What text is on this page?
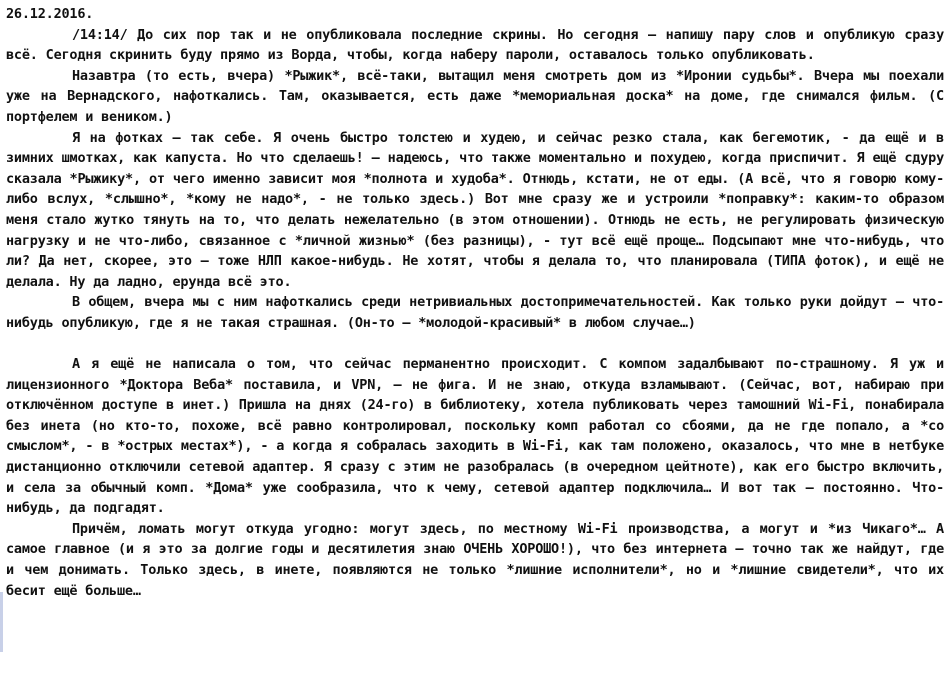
26.12.2016.

/14:14/ До сих пор так и не опубликовала последние скрины. Но сегодня – напишу пару слов и опубликую сразу всё. Сегодня скринить буду прямо из Ворда, чтобы, когда наберу пароли, оставалось только опубликовать.

Назавтра (то есть, вчера) *Рыжик*, всё-таки, вытащил меня смотреть дом из *Иронии судьбы*. Вчера мы поехали уже на Вернадского, нафоткались. Там, оказывается, есть даже *мемориальная доска* на доме, где снимался фильм. (С портфелем и веником.)

Я на фотках – так себе. Я очень быстро толстею и худею, и сейчас резко стала, как бегемотик, - да ещё и в зимних шмотках, как капуста. Но что сделаешь! – надеюсь, что также моментально и похудею, когда приспичит. Я ещё сдуру сказала *Рыжику*, от чего именно зависит моя *полнота и худоба*. Отнюдь, кстати, не от еды. (А всё, что я говорю кому-либо вслух, *слышно*, *кому не надо*, - не только здесь.) Вот мне сразу же и устроили *поправку*: каким-то образом меня стало жутко тянуть на то, что делать нежелательно (в этом отношении). Отнюдь не есть, не регулировать физическую нагрузку и не что-либо, связанное с *личной жизнью* (без разницы), - тут всё ещё проще… Подсыпают мне что-нибудь, что ли? Да нет, скорее, это – тоже НЛП какое-нибудь. Не хотят, чтобы я делала то, что планировала (ТИПА фоток), и ещё не делала. Ну да ладно, ерунда всё это.

В общем, вчера мы с ним нафоткались среди нетривиальных достопримечательностей. Как только руки дойдут – что-нибудь опубликую, где я не такая страшная. (Он-то – *молодой-красивый* в любом случае…)

А я ещё не написала о том, что сейчас перманентно происходит. С компом задалбывают по-страшному. Я уж и лицензионного *Доктора Веба* поставила, и VPN, – не фига. И не знаю, откуда взламывают. (Сейчас, вот, набираю при отключённом доступе в инет.) Пришла на днях (24-го) в библиотеку, хотела публиковать через тамошний Wi-Fi, понабирала без инета (но кто-то, похоже, всё равно контролировал, поскольку комп работал со сбоями, да не где попало, а *со смыслом*, - в *острых местах*), - а когда я собралась заходить в Wi-Fi, как там положено, оказалось, что мне в нетбуке дистанционно отключили сетевой адаптер. Я сразу с этим не разобралась (в очередном цейтноте), как его быстро включить, и села за обычный комп. *Дома* уже сообразила, что к чему, сетевой адаптер подключила… И вот так – постоянно. Что-нибудь, да подгадят.

Причём, ломать могут откуда угодно: могут здесь, по местному Wi-Fi производства, а могут и *из Чикаго*… А самое главное (и я это за долгие годы и десятилетия знаю ОЧЕНЬ ХОРОШО!), что без интернета – точно так же найдут, где и чем донимать. Только здесь, в инете, появляются не только *лишние исполнители*, но и *лишние свидетели*, что их бесит ещё больше…
